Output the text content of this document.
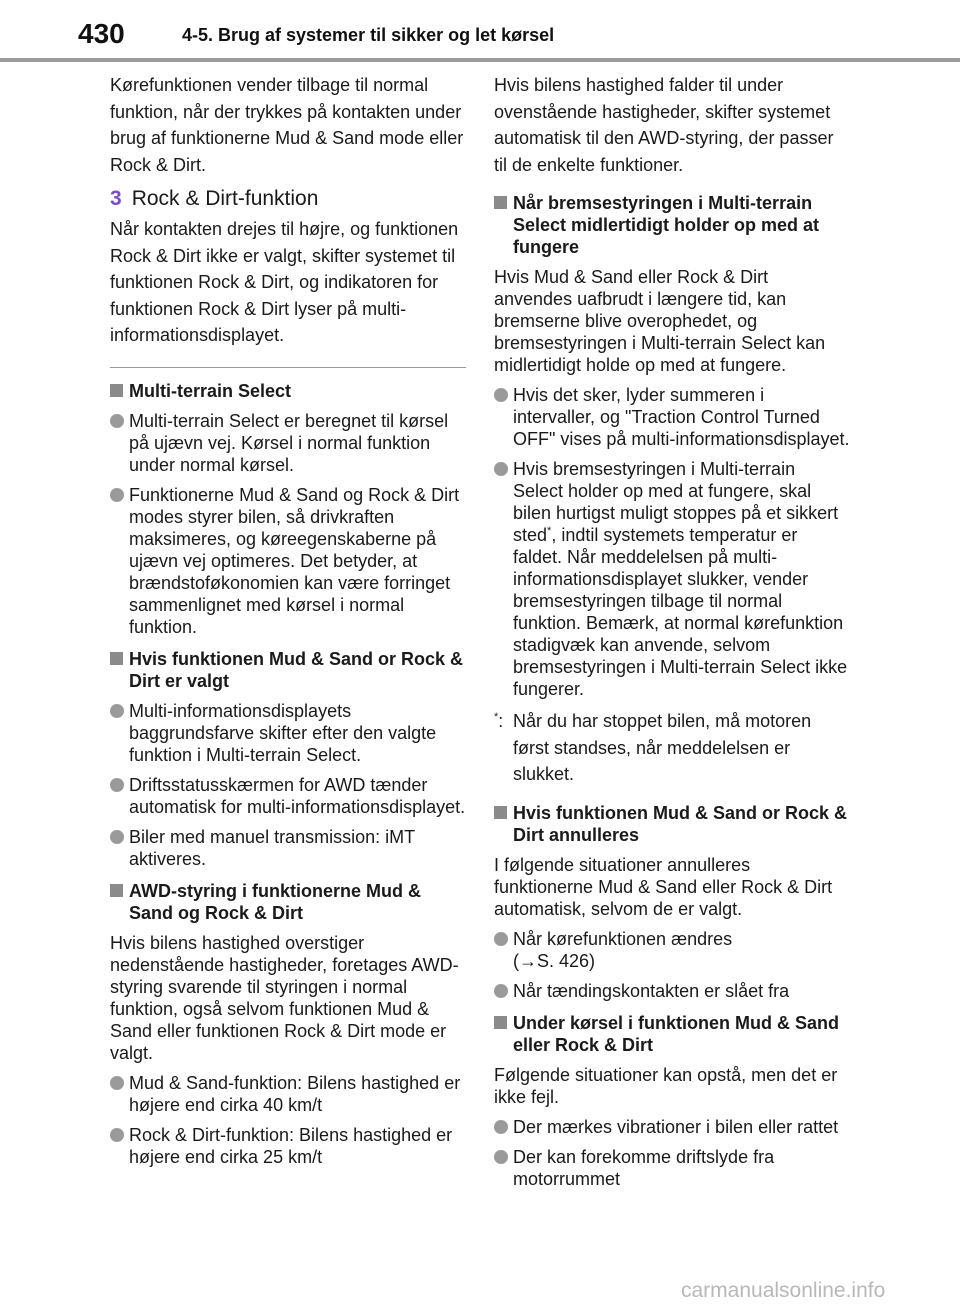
430	4-5. Brug af systemer til sikker og let kørsel

Kørefunktionen vender tilbage til normal funktion, når der trykkes på kontakten under brug af funktionerne Mud & Sand mode eller Rock & Dirt.

3 Rock & Dirt-funktion

Når kontakten drejes til højre, og funktionen Rock & Dirt ikke er valgt, skifter systemet til funktionen Rock & Dirt, og indikatoren for funktionen Rock & Dirt lyser på multi-informationsdisplayet.

Multi-terrain Select
Multi-terrain Select er beregnet til kørsel på ujævn vej. Kørsel i normal funktion under normal kørsel.
Funktionerne Mud & Sand og Rock & Dirt modes styrer bilen, så drivkraften maksimeres, og køreegenskaberne på ujævn vej optimeres. Det betyder, at brændstoføkonomien kan være forringet sammenlignet med kørsel i normal funktion.
Hvis funktionen Mud & Sand or Rock & Dirt er valgt
Multi-informationsdisplayets baggrundsfarve skifter efter den valgte funktion i Multi-terrain Select.
Driftsstatusskærmen for AWD tænder automatisk for multi-informationsdisplayet.
Biler med manuel transmission: iMT aktiveres.
AWD-styring i funktionerne Mud & Sand og Rock & Dirt

Hvis bilens hastighed overstiger nedenstående hastigheder, foretages AWD-styring svarende til styringen i normal funktion, også selvom funktionen Mud & Sand eller funktionen Rock & Dirt mode er valgt.

Mud & Sand-funktion: Bilens hastighed er højere end cirka 40 km/t
Rock & Dirt-funktion: Bilens hastighed er højere end cirka 25 km/t

Hvis bilens hastighed falder til under ovenstående hastigheder, skifter systemet automatisk til den AWD-styring, der passer til de enkelte funktioner.

Når bremsestyringen i Multi-terrain Select midlertidigt holder op med at fungere

Hvis Mud & Sand eller Rock & Dirt anvendes uafbrudt i længere tid, kan bremserne blive overophedet, og bremsestyringen i Multi-terrain Select kan midlertidigt holde op med at fungere.

Hvis det sker, lyder summeren i intervaller, og "Traction Control Turned OFF" vises på multi-informationsdisplayet.
Hvis bremsestyringen i Multi-terrain Select holder op med at fungere, skal bilen hurtigst muligt stoppes på et sikkert sted*, indtil systemets temperatur er faldet. Når meddelelsen på multi-informationsdisplayet slukker, vender bremsestyringen tilbage til normal funktion. Bemærk, at normal kørefunktion stadigvæk kan anvende, selvom bremsestyringen i Multi-terrain Select ikke fungerer.
*: Når du har stoppet bilen, må motoren først standses, når meddelelsen er slukket.
Hvis funktionen Mud & Sand or Rock & Dirt annulleres

I følgende situationer annulleres funktionerne Mud & Sand eller Rock & Dirt automatisk, selvom de er valgt.

Når kørefunktionen ændres
(→S. 426)
Når tændingskontakten er slået fra
Under kørsel i funktionen Mud & Sand eller Rock & Dirt

Følgende situationer kan opstå, men det er ikke fejl.

Der mærkes vibrationer i bilen eller rattet
Der kan forekomme driftslyde fra motorrummet
carmanualsonline.info
